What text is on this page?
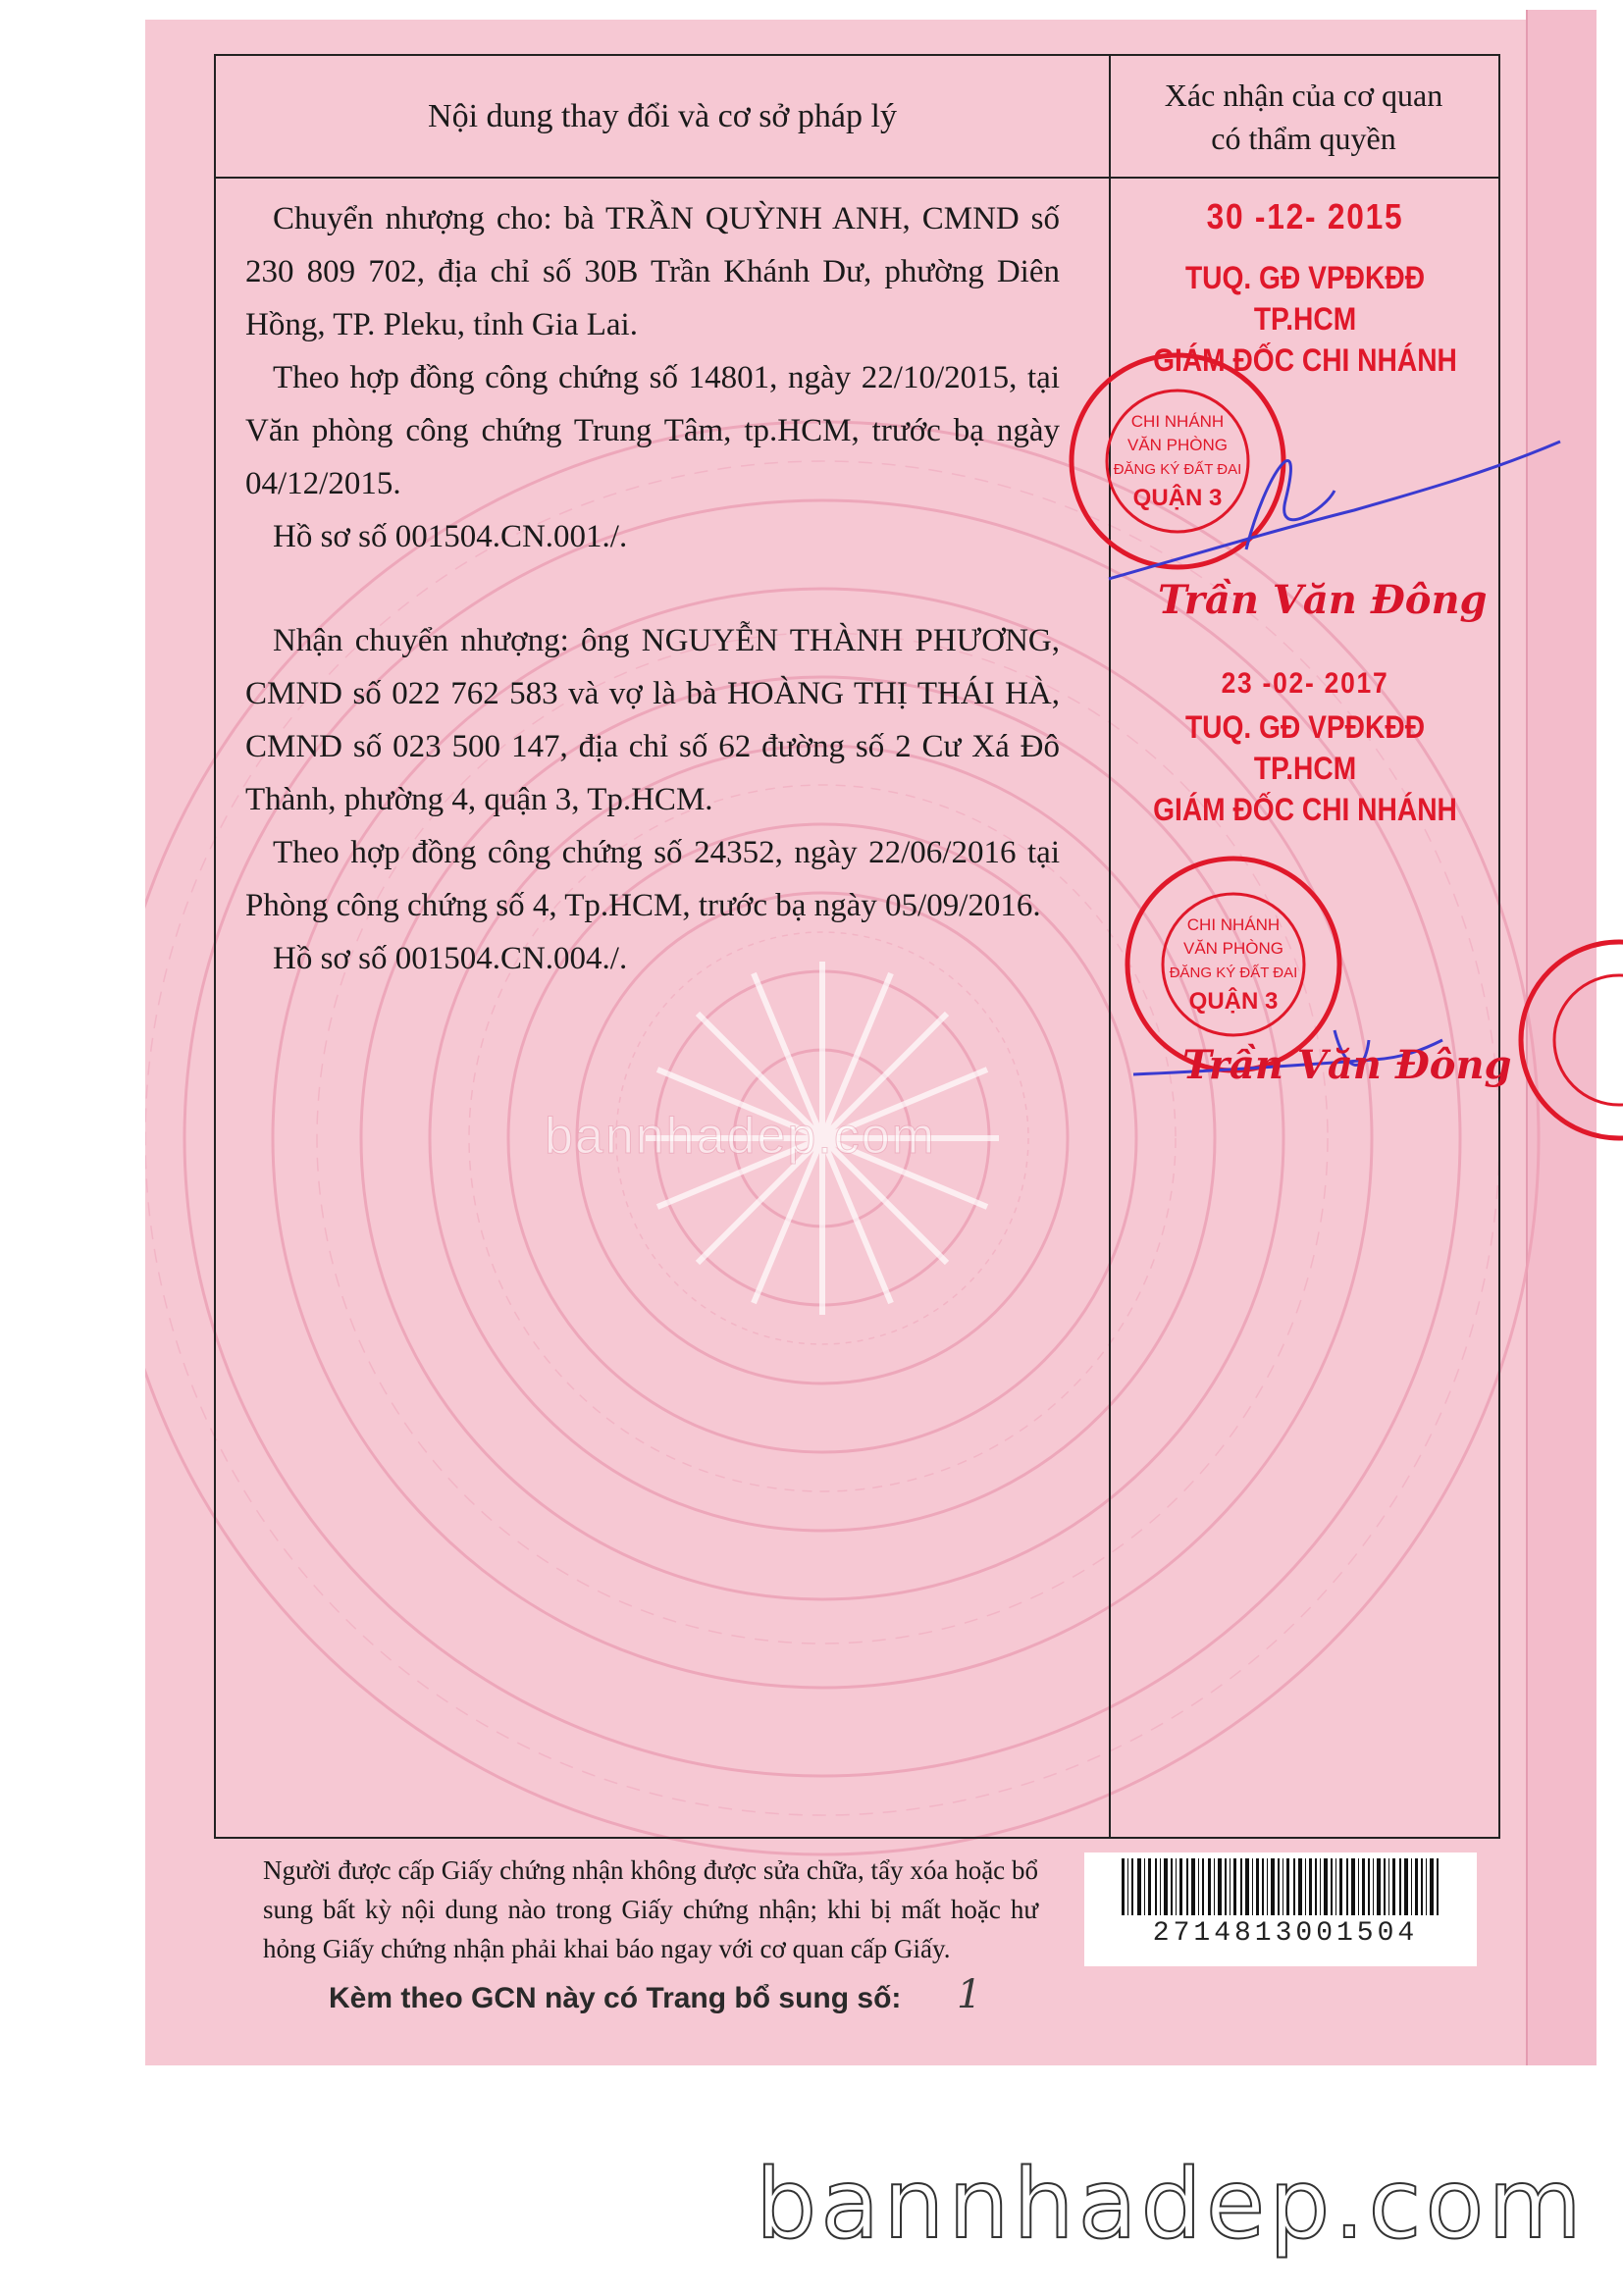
Nội dung thay đổi và cơ sở pháp lý
Xác nhận của cơ quan
có thẩm quyền

Chuyển nhượng cho: bà TRẦN QUỲNH ANH, CMND số 230 809 702, địa chỉ số 30B Trần Khánh Dư, phường Diên Hồng, TP. Pleku, tỉnh Gia Lai.

Theo hợp đồng công chứng số 14801, ngày 22/10/2015, tại Văn phòng công chứng Trung Tâm, tp.HCM, trước bạ ngày 04/12/2015.

Hồ sơ số 001504.CN.001./.

Nhận chuyển nhượng: ông NGUYỄN THÀNH PHƯƠNG, CMND số 022 762 583 và vợ là bà HOÀNG THỊ THÁI HÀ, CMND số 023 500 147, địa chỉ số 62 đường số 2 Cư Xá Đô Thành, phường 4, quận 3, Tp.HCM.

Theo hợp đồng công chứng số 24352, ngày 22/06/2016 tại Phòng công chứng số 4, Tp.HCM, trước bạ ngày 05/09/2016.

Hồ sơ số 001504.CN.004./.

30 -12- 2015
TUQ. GĐ VPĐKĐĐ TP.HCM
GIÁM ĐỐC CHI NHÁNH
CHI NHÁNH
VĂN PHÒNG
ĐĂNG KÝ ĐẤT ĐAI
QUẬN 3
Trần Văn Đông
23 -02- 2017
TUQ. GĐ VPĐKĐĐ TP.HCM
GIÁM ĐỐC CHI NHÁNH
CHI NHÁNH
VĂN PHÒNG
ĐĂNG KÝ ĐẤT ĐAI
QUẬN 3
Trần Văn Đông
bannhadep.com
Người được cấp Giấy chứng nhận không được sửa chữa, tẩy xóa hoặc bổ sung bất kỳ nội dung nào trong Giấy chứng nhận; khi bị mất hoặc hư hỏng Giấy chứng nhận phải khai báo ngay với cơ quan cấp Giấy.	2714813001504
Kèm theo GCN này có Trang bổ sung số: 1
bannhadep.com
